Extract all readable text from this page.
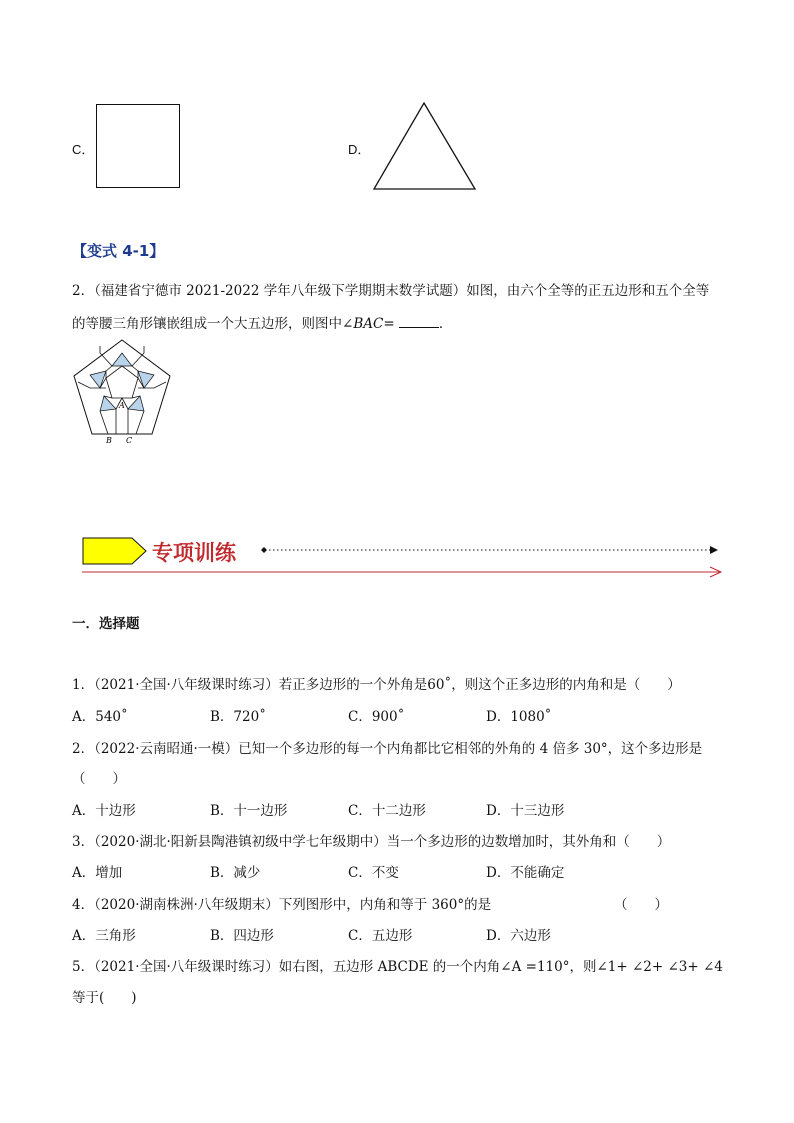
C．	D．
【变式 4-1】
2．（福建省宁德市 2021-2022 学年八年级下学期期末数学试题）如图，由六个全等的正五边形和五个全等
的等腰三角形镶嵌组成一个大五边形，则图中∠BAC=	．
A
B C
专项训练
一．选择题
1．（2021·全国·八年级课时练习）若正多边形的一个外角是60˚，则这个正多边形的内角和是（　　）
A．540˚	B．720˚	C．900˚	D．1080˚
2．（2022·云南昭通·一模）已知一个多边形的每一个内角都比它相邻的外角的 4 倍多 30°，这个多边形是
（　　）
A．十边形	B．十一边形	C．十二边形	D．十三边形
3．（2020·湖北·阳新县陶港镇初级中学七年级期中）当一个多边形的边数增加时，其外角和（　　）
A．增加	B．减少	C．不变	D．不能确定
4．（2020·湖南株洲·八年级期末）下列图形中，内角和等于 360°的是	（　　）
A．三角形	B．四边形	C．五边形	D．六边形
5．（2021·全国·八年级课时练习）如右图，五边形 ABCDE 的一个内角∠A =110°，则∠1+ ∠2+ ∠3+ ∠4
等于(　　)
